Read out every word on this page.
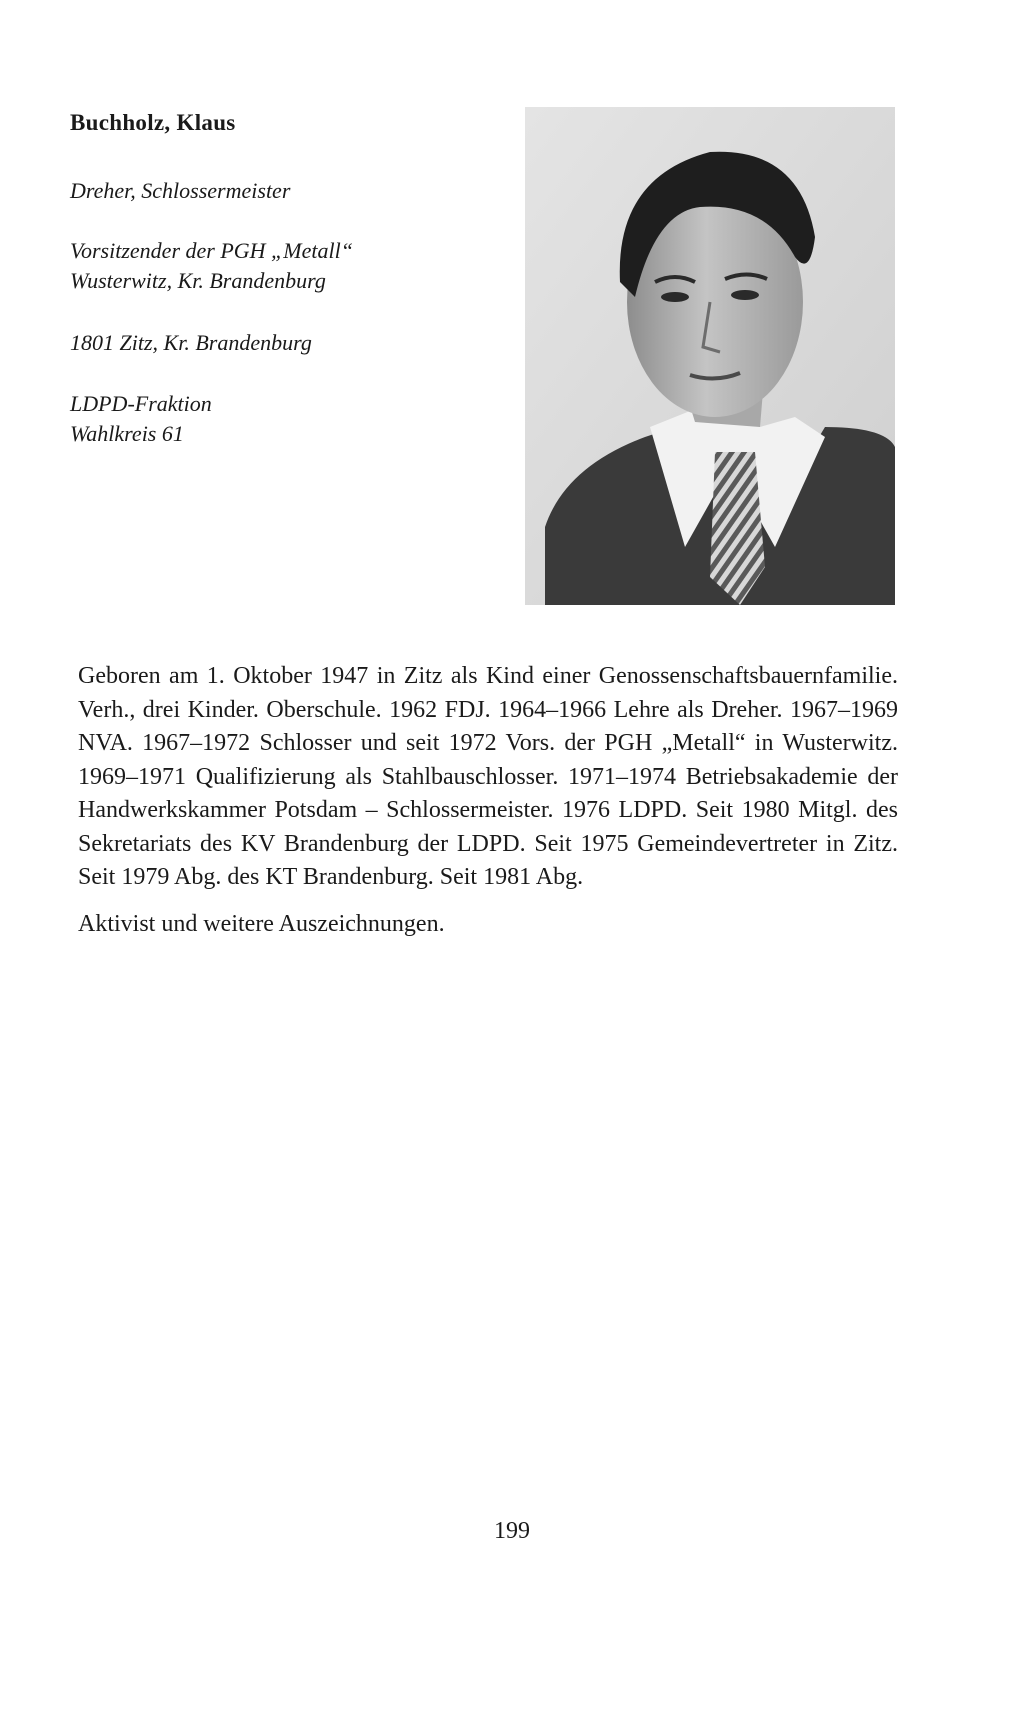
Buchholz, Klaus

Dreher, Schlossermeister

Vorsitzender der PGH „Metall“
Wusterwitz, Kr. Brandenburg

1801 Zitz, Kr. Brandenburg

LDPD-Fraktion
Wahlkreis 61

Geboren am 1. Oktober 1947 in Zitz als Kind einer Genossenschaftsbauernfamilie. Verh., drei Kinder. Oberschule. 1962 FDJ. 1964–1966 Lehre als Dreher. 1967–1969 NVA. 1967–1972 Schlosser und seit 1972 Vors. der PGH „Metall“ in Wusterwitz. 1969–1971 Qualifizierung als Stahlbauschlosser. 1971–1974 Betriebsakademie der Handwerkskammer Potsdam – Schlossermeister. 1976 LDPD. Seit 1980 Mitgl. des Sekretariats des KV Brandenburg der LDPD. Seit 1975 Gemeindevertreter in Zitz. Seit 1979 Abg. des KT Brandenburg. Seit 1981 Abg.

Aktivist und weitere Auszeichnungen.

199
